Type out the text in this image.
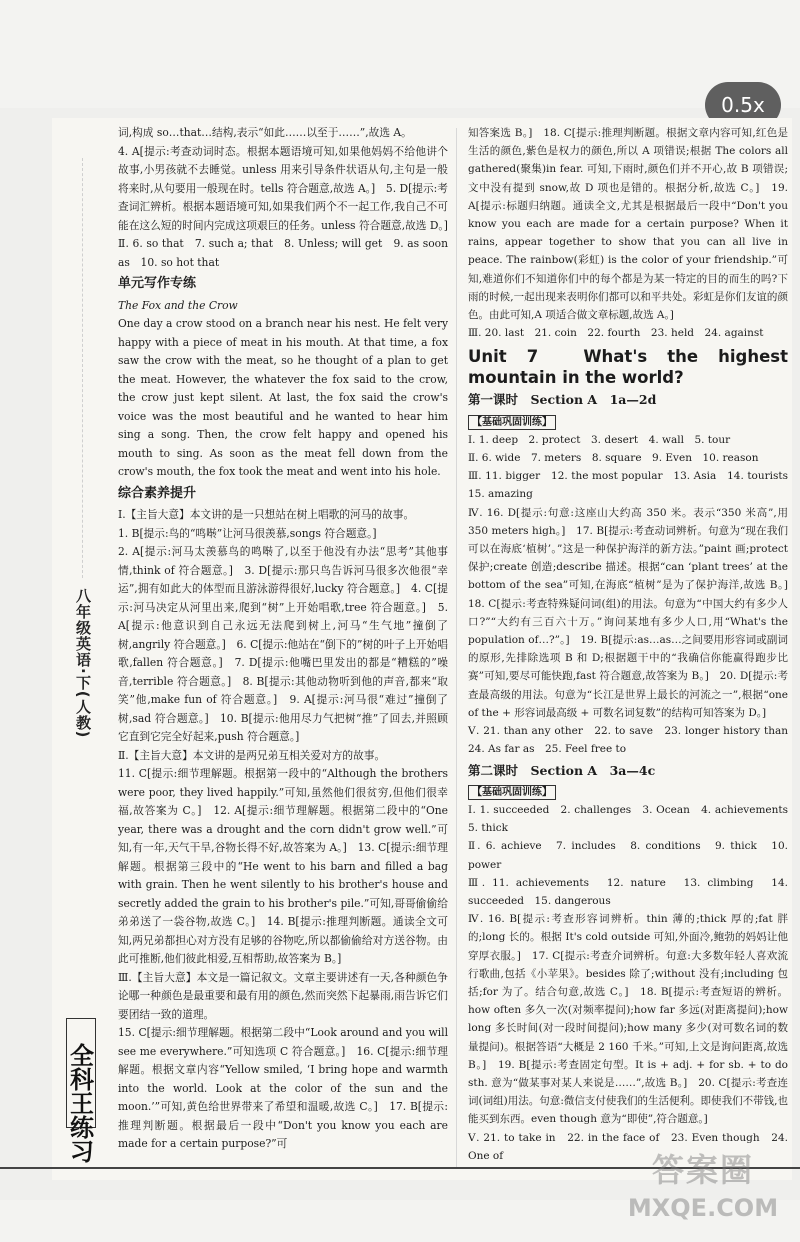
0.5x
八年级英语·下(人教)
全科王练习

词,构成 so…that…结构,表示“如此……以至于……”,故选 A。

4. A[提示:考查动词时态。根据本题语境可知,如果他妈妈不给他讲个故事,小男孩就不去睡觉。unless 用来引导条件状语从句,主句是一般将来时,从句要用一般现在时。tells 符合题意,故选 A。]　5. D[提示:考查词汇辨析。根据本题语境可知,如果我们两个不一起工作,我自己不可能在这么短的时间内完成这项艰巨的任务。unless 符合题意,故选 D。]

Ⅱ. 6. so that　7. such a; that　8. Unless; will get　9. as soon as　10. so hot that

单元写作专练

The Fox and the Crow

One day a crow stood on a branch near his nest. He felt very happy with a piece of meat in his mouth. At that time, a fox saw the crow with the meat, so he thought of a plan to get the meat. However, the whatever the fox said to the crow, the crow just kept silent. At last, the fox said the crow's voice was the most beautiful and he wanted to hear him sing a song. Then, the crow felt happy and opened his mouth to sing. As soon as the meat fell down from the crow's mouth, the fox took the meat and went into his hole.

综合素养提升

Ⅰ.【主旨大意】本文讲的是一只想站在树上唱歌的河马的故事。

1. B[提示:鸟的“鸣啭”让河马很羡慕,songs 符合题意。]

2. A[提示:河马太羡慕鸟的鸣啭了,以至于他没有办法“思考”其他事情,think of 符合题意。]　3. D[提示:那只鸟告诉河马很多次他很“幸运”,拥有如此大的体型而且游泳游得很好,lucky 符合题意。]　4. C[提示:河马决定从河里出来,爬到“树”上开始唱歌,tree 符合题意。]　5. A[提示:他意识到自己永远无法爬到树上,河马“生气地”撞倒了树,angrily 符合题意。]　6. C[提示:他站在“倒下的”树的叶子上开始唱歌,fallen 符合题意。]　7. D[提示:他嘴巴里发出的都是“糟糕的”噪音,terrible 符合题意。]　8. B[提示:其他动物听到他的声音,都来“取笑”他,make fun of 符合题意。]　9. A[提示:河马很“难过”撞倒了树,sad 符合题意。]　10. B[提示:他用尽力气把树“推”了回去,并照顾它直到它完全好起来,push 符合题意。]

Ⅱ.【主旨大意】本文讲的是两兄弟互相关爱对方的故事。

11. C[提示:细节理解题。根据第一段中的“Although the brothers were poor, they lived happily.”可知,虽然他们很贫穷,但他们很幸福,故答案为 C。]　12. A[提示:细节理解题。根据第二段中的“One year, there was a drought and the corn didn't grow well.”可知,有一年,天气干旱,谷物长得不好,故答案为 A。]　13. C[提示:细节理解题。根据第三段中的“He went to his barn and filled a bag with grain. Then he went silently to his brother's house and secretly added the grain to his brother's pile.”可知,哥哥偷偷给弟弟送了一袋谷物,故选 C。]　14. B[提示:推理判断题。通读全文可知,两兄弟都担心对方没有足够的谷物吃,所以都偷偷给对方送谷物。由此可推断,他们彼此相爱,互相帮助,故答案为 B。]

Ⅲ.【主旨大意】本文是一篇记叙文。文章主要讲述有一天,各种颜色争论哪一种颜色是最重要和最有用的颜色,然而突然下起暴雨,雨告诉它们要团结一致的道理。

15. C[提示:细节理解题。根据第二段中“Look around and you will see me everywhere.”可知选项 C 符合题意。]　16. C[提示:细节理解题。根据文章内容“Yellow smiled, ‘I bring hope and warmth into the world. Look at the color of the sun and the moon.’”可知,黄色给世界带来了希望和温暖,故选 C。]　17. B[提示:推理判断题。根据最后一段中“Don't you know you each are made for a certain purpose?”可

知答案选 B。]　18. C[提示:推理判断题。根据文章内容可知,红色是生活的颜色,紫色是权力的颜色,所以 A 项错误;根据 The colors all gathered(聚集)in fear. 可知,下雨时,颜色们并不开心,故 B 项错误;文中没有提到 snow,故 D 项也是错的。根据分析,故选 C。]　19. A[提示:标题归纳题。通读全文,尤其是根据最后一段中“Don't you know you each are made for a certain purpose? When it rains, appear together to show that you can all live in peace. The rainbow(彩虹) is the color of your friendship.”可知,难道你们不知道你们中的每个都是为某一特定的目的而生的吗?下雨的时候,一起出现来表明你们都可以和平共处。彩虹是你们友谊的颜色。由此可知,A 项适合做文章标题,故选 A。]

Ⅲ. 20. last　21. coin　22. fourth　23. held　24. against

Unit 7　What's the highest mountain in the world?

第一课时　Section A　1a—2d

【基础巩固训练】

Ⅰ. 1. deep　2. protect　3. desert　4. wall　5. tour

Ⅱ. 6. wide　7. meters　8. square　9. Even　10. reason

Ⅲ. 11. bigger　12. the most popular　13. Asia　14. tourists　15. amazing

Ⅳ. 16. D[提示:句意:这座山大约高 350 米。表示“350 米高”,用 350 meters high。]　17. B[提示:考查动词辨析。句意为“现在我们可以在海底‘植树’。”这是一种保护海洋的新方法。”paint 画;protect 保护;create 创造;describe 描述。根据“can ‘plant trees’ at the bottom of the sea”可知,在海底“植树”是为了保护海洋,故选 B。]　18. C[提示:考查特殊疑问词(组)的用法。句意为“中国大约有多少人口?”“大约有三百六十万。”询问某地有多少人口,用“What's the population of…?”。]　19. B[提示:as…as…之间要用形容词或副词的原形,先排除选项 B 和 D;根据题干中的“我确信你能赢得跑步比赛”可知,要尽可能快跑,fast 符合题意,故答案为 B。]　20. D[提示:考查最高级的用法。句意为“长江是世界上最长的河流之一”,根据“one of the + 形容词最高级 + 可数名词复数”的结构可知答案为 D。]

Ⅴ. 21. than any other　22. to save　23. longer history than　24. As far as　25. Feel free to

第二课时　Section A　3a—4c

【基础巩固训练】

Ⅰ. 1. succeeded　2. challenges　3. Ocean　4. achievements　5. thick

Ⅱ. 6. achieve　7. includes　8. conditions　9. thick　10. power

Ⅲ. 11. achievements　12. nature　13. climbing　14. succeeded　15. dangerous

Ⅳ. 16. B[提示:考查形容词辨析。thin 薄的;thick 厚的;fat 胖的;long 长的。根据 It's cold outside 可知,外面冷,鲍勃的妈妈让他穿厚衣服。]　17. C[提示:考查介词辨析。句意:大多数年轻人喜欢流行歌曲,包括《小苹果》。besides 除了;without 没有;including 包括;for 为了。结合句意,故选 C。]　18. B[提示:考查短语的辨析。how often 多久一次(对频率提问);how far 多远(对距离提问);how long 多长时间(对一段时间提问);how many 多少(对可数名词的数量提问)。根据答语“大概是 2 160 千米。”可知,上文是询问距离,故选 B。]　19. B[提示:考查固定句型。It is + adj. + for sb. + to do sth. 意为“做某事对某人来说是……”,故选 B。]　20. C[提示:考查连词(词组)用法。句意:微信支付使我们的生活便利。即使我们不带钱,也能买到东西。even though 意为“即使”,符合题意。]

Ⅴ. 21. to take in　22. in the face of　23. Even though　24. One of	答案圈
MXQE.COM
